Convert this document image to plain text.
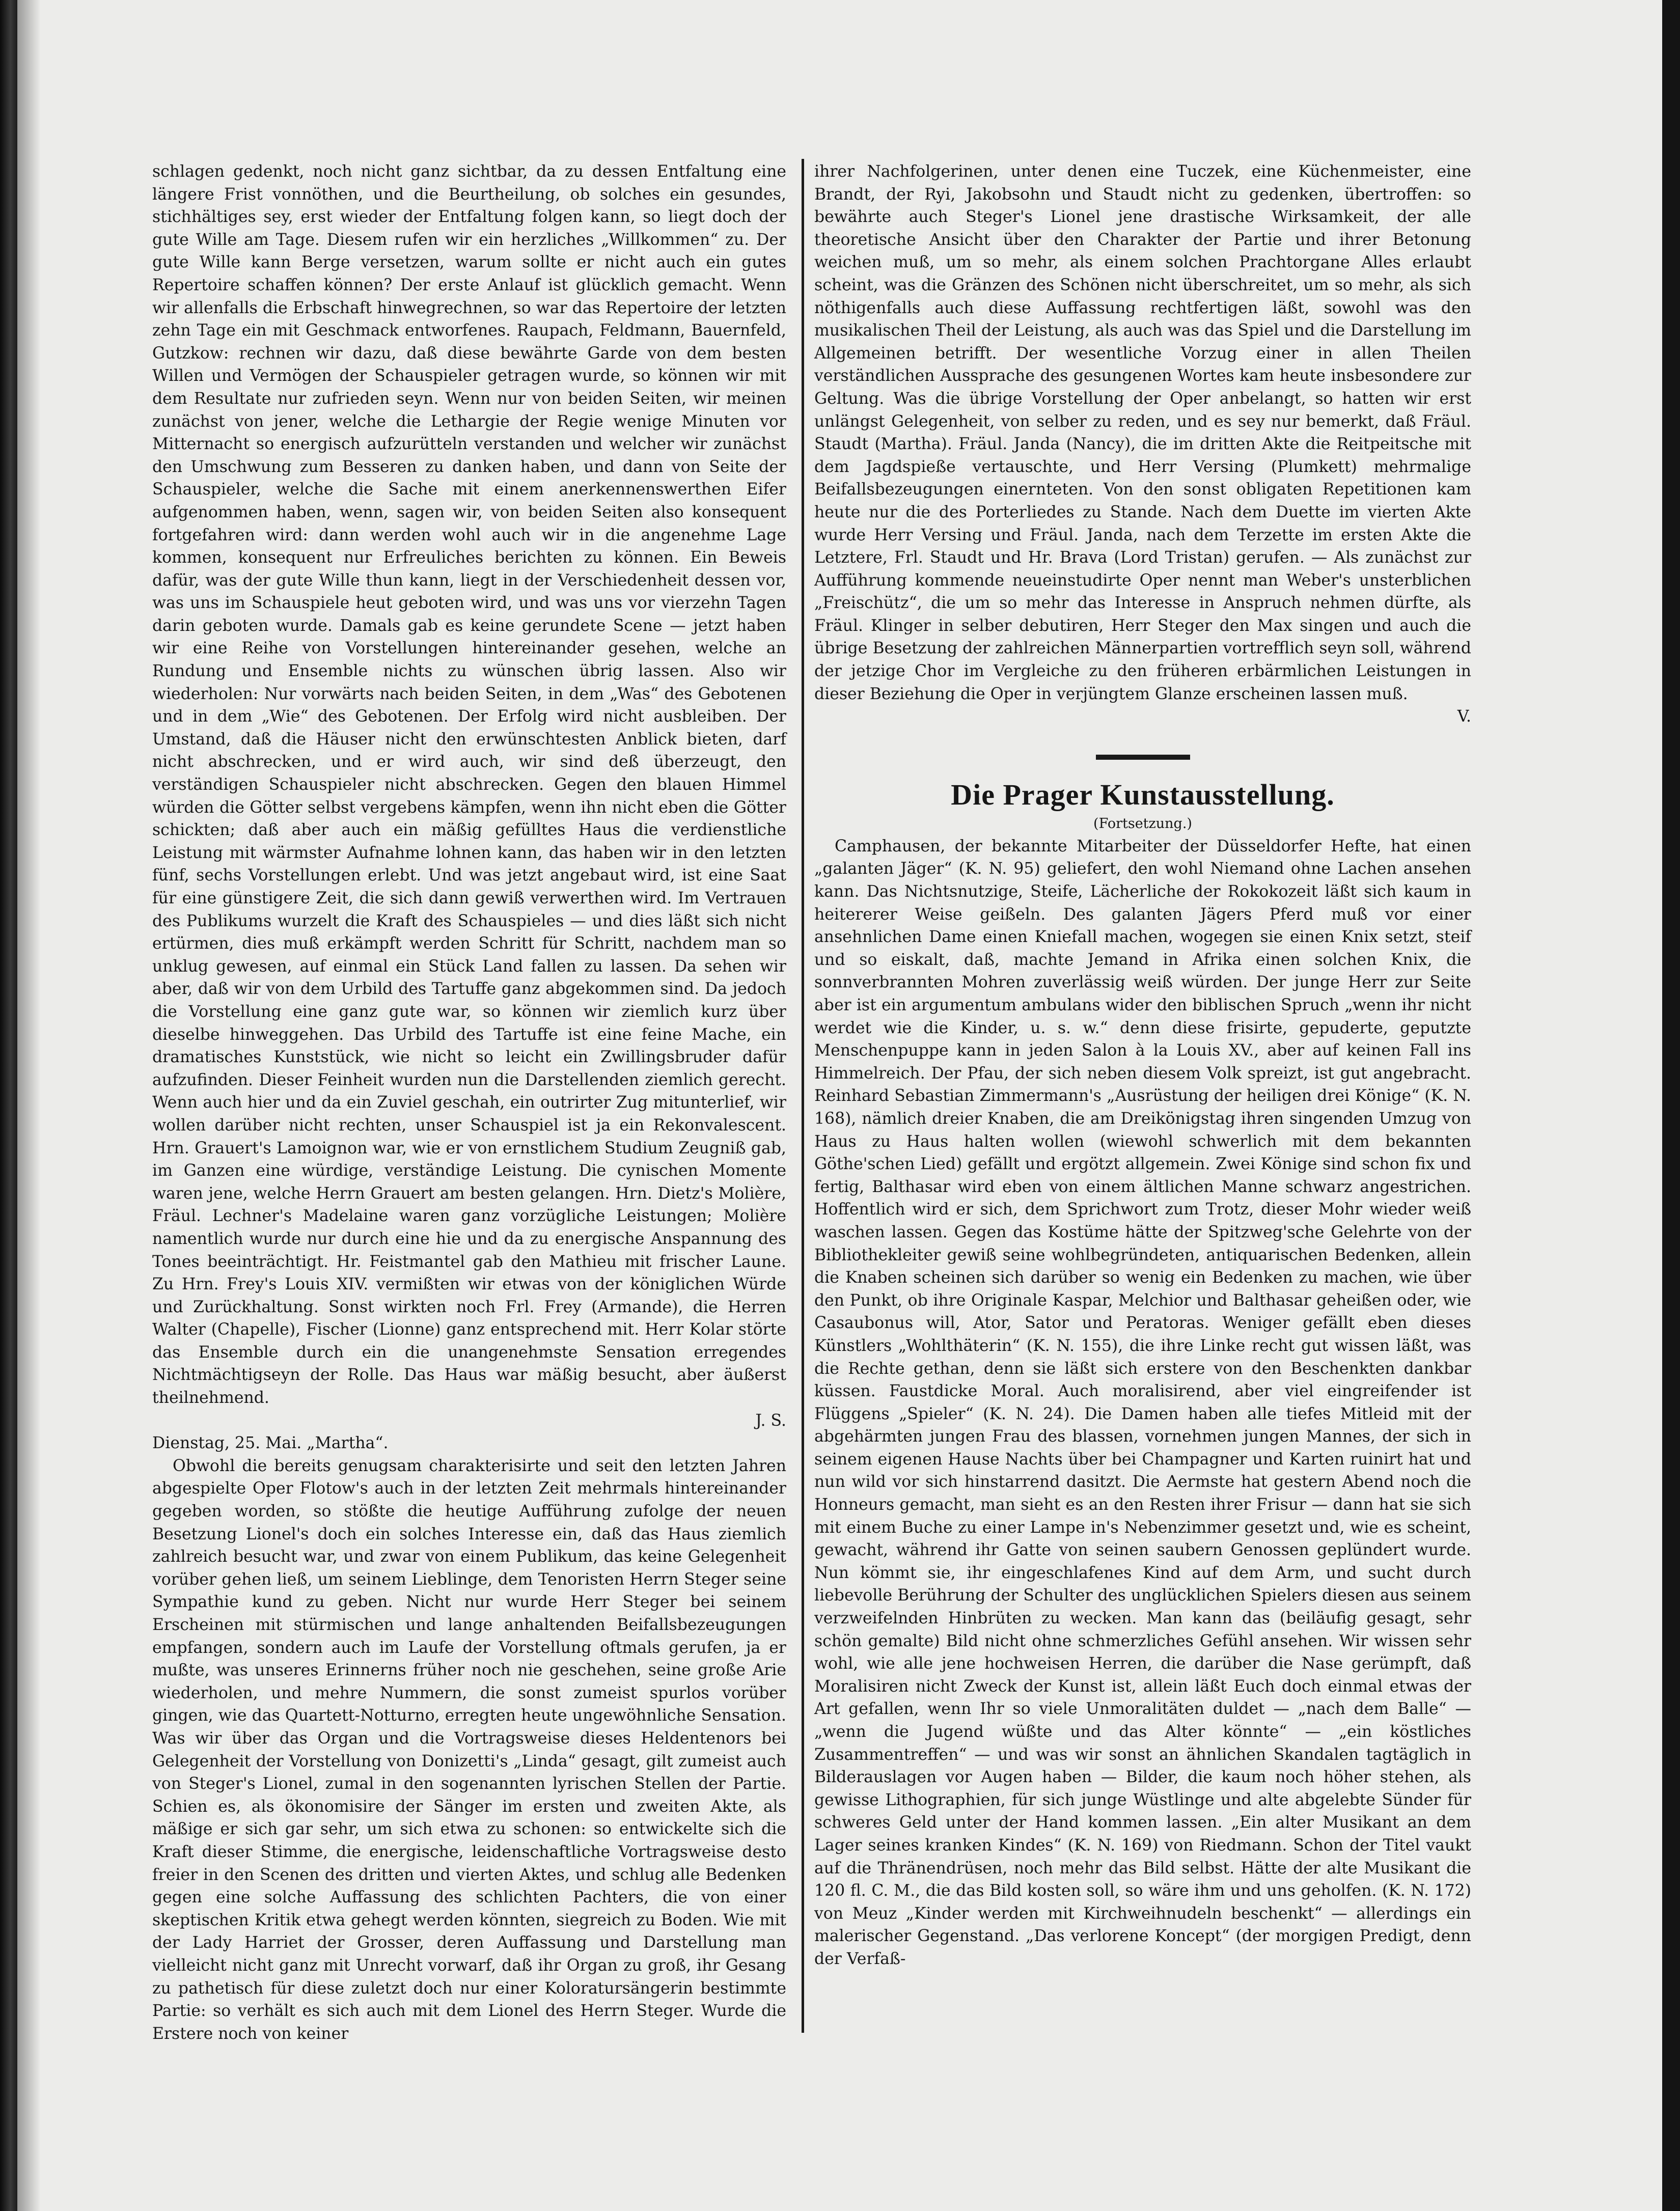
schlagen gedenkt, noch nicht ganz sichtbar, da zu dessen Entfaltung eine längere Frist vonnöthen, und die Beurtheilung, ob solches ein gesundes, stichhältiges sey, erst wieder der Entfaltung folgen kann, so liegt doch der gute Wille am Tage. Diesem rufen wir ein herzliches „Willkommen“ zu. Der gute Wille kann Berge versetzen, warum sollte er nicht auch ein gutes Repertoire schaffen können? Der erste Anlauf ist glücklich gemacht. Wenn wir allenfalls die Erbschaft hinwegrechnen, so war das Repertoire der letzten zehn Tage ein mit Geschmack entworfenes. Raupach, Feldmann, Bauernfeld, Gutzkow: rechnen wir dazu, daß diese bewährte Garde von dem besten Willen und Vermögen der Schauspieler getragen wurde, so können wir mit dem Resultate nur zufrieden seyn. Wenn nur von beiden Seiten, wir meinen zunächst von jener, welche die Lethargie der Regie wenige Minuten vor Mitternacht so energisch aufzurütteln verstanden und welcher wir zunächst den Umschwung zum Besseren zu danken haben, und dann von Seite der Schauspieler, welche die Sache mit einem anerkennenswerthen Eifer aufgenommen haben, wenn, sagen wir, von beiden Seiten also konsequent fortgefahren wird: dann werden wohl auch wir in die angenehme Lage kommen, konsequent nur Erfreuliches berichten zu können. Ein Beweis dafür, was der gute Wille thun kann, liegt in der Verschiedenheit dessen vor, was uns im Schauspiele heut geboten wird, und was uns vor vierzehn Tagen darin geboten wurde. Damals gab es keine gerundete Scene — jetzt haben wir eine Reihe von Vorstellungen hintereinander gesehen, welche an Rundung und Ensemble nichts zu wünschen übrig lassen. Also wir wiederholen: Nur vorwärts nach beiden Seiten, in dem „Was“ des Gebotenen und in dem „Wie“ des Gebotenen. Der Erfolg wird nicht ausbleiben. Der Umstand, daß die Häuser nicht den erwünschtesten Anblick bieten, darf nicht abschrecken, und er wird auch, wir sind deß überzeugt, den verständigen Schauspieler nicht abschrecken. Gegen den blauen Himmel würden die Götter selbst vergebens kämpfen, wenn ihn nicht eben die Götter schickten; daß aber auch ein mäßig gefülltes Haus die verdienstliche Leistung mit wärmster Aufnahme lohnen kann, das haben wir in den letzten fünf, sechs Vorstellungen erlebt. Und was jetzt angebaut wird, ist eine Saat für eine günstigere Zeit, die sich dann gewiß verwerthen wird. Im Vertrauen des Publikums wurzelt die Kraft des Schauspieles — und dies läßt sich nicht ertürmen, dies muß erkämpft werden Schritt für Schritt, nachdem man so unklug gewesen, auf einmal ein Stück Land fallen zu lassen. Da sehen wir aber, daß wir von dem Urbild des Tartuffe ganz abgekommen sind. Da jedoch die Vorstellung eine ganz gute war, so können wir ziemlich kurz über dieselbe hinweggehen. Das Urbild des Tartuffe ist eine feine Mache, ein dramatisches Kunststück, wie nicht so leicht ein Zwillingsbruder dafür aufzufinden. Dieser Feinheit wurden nun die Darstellenden ziemlich gerecht. Wenn auch hier und da ein Zuviel geschah, ein outrirter Zug mitunterlief, wir wollen darüber nicht rechten, unser Schauspiel ist ja ein Rekonvalescent. Hrn. Grauert's Lamoignon war, wie er von ernstlichem Studium Zeugniß gab, im Ganzen eine würdige, verständige Leistung. Die cynischen Momente waren jene, welche Herrn Grauert am besten gelangen. Hrn. Dietz's Molière, Fräul. Lechner's Madelaine waren ganz vorzügliche Leistungen; Molière namentlich wurde nur durch eine hie und da zu energische Anspannung des Tones beeinträchtigt. Hr. Feistmantel gab den Mathieu mit frischer Laune. Zu Hrn. Frey's Louis XIV. vermißten wir etwas von der königlichen Würde und Zurückhaltung. Sonst wirkten noch Frl. Frey (Armande), die Herren Walter (Chapelle), Fischer (Lionne) ganz entsprechend mit. Herr Kolar störte das Ensemble durch ein die unangenehmste Sensation erregendes Nichtmächtigseyn der Rolle. Das Haus war mäßig besucht, aber äußerst theilnehmend.

J. S.

Dienstag, 25. Mai. „Martha“.

Obwohl die bereits genugsam charakterisirte und seit den letzten Jahren abgespielte Oper Flotow's auch in der letzten Zeit mehrmals hintereinander gegeben worden, so stößte die heutige Aufführung zufolge der neuen Besetzung Lionel's doch ein solches Interesse ein, daß das Haus ziemlich zahlreich besucht war, und zwar von einem Publikum, das keine Gelegenheit vorüber gehen ließ, um seinem Lieblinge, dem Tenoristen Herrn Steger seine Sympathie kund zu geben. Nicht nur wurde Herr Steger bei seinem Erscheinen mit stürmischen und lange anhaltenden Beifallsbezeugungen empfangen, sondern auch im Laufe der Vorstellung oftmals gerufen, ja er mußte, was unseres Erinnerns früher noch nie geschehen, seine große Arie wiederholen, und mehre Nummern, die sonst zumeist spurlos vorüber gingen, wie das Quartett-Notturno, erregten heute ungewöhnliche Sensation. Was wir über das Organ und die Vortragsweise dieses Heldentenors bei Gelegenheit der Vorstellung von Donizetti's „Linda“ gesagt, gilt zumeist auch von Steger's Lionel, zumal in den sogenannten lyrischen Stellen der Partie. Schien es, als ökonomisire der Sänger im ersten und zweiten Akte, als mäßige er sich gar sehr, um sich etwa zu schonen: so entwickelte sich die Kraft dieser Stimme, die energische, leidenschaftliche Vortragsweise desto freier in den Scenen des dritten und vierten Aktes, und schlug alle Bedenken gegen eine solche Auffassung des schlichten Pachters, die von einer skeptischen Kritik etwa gehegt werden könnten, siegreich zu Boden. Wie mit der Lady Harriet der Grosser, deren Auffassung und Darstellung man vielleicht nicht ganz mit Unrecht vorwarf, daß ihr Organ zu groß, ihr Gesang zu pathetisch für diese zuletzt doch nur einer Koloratursängerin bestimmte Partie: so verhält es sich auch mit dem Lionel des Herrn Steger. Wurde die Erstere noch von keiner

ihrer Nachfolgerinen, unter denen eine Tuczek, eine Küchenmeister, eine Brandt, der Ryi, Jakobsohn und Staudt nicht zu gedenken, übertroffen: so bewährte auch Steger's Lionel jene drastische Wirksamkeit, der alle theoretische Ansicht über den Charakter der Partie und ihrer Betonung weichen muß, um so mehr, als einem solchen Prachtorgane Alles erlaubt scheint, was die Gränzen des Schönen nicht überschreitet, um so mehr, als sich nöthigenfalls auch diese Auffassung rechtfertigen läßt, sowohl was den musikalischen Theil der Leistung, als auch was das Spiel und die Darstellung im Allgemeinen betrifft. Der wesentliche Vorzug einer in allen Theilen verständlichen Aussprache des gesungenen Wortes kam heute insbesondere zur Geltung. Was die übrige Vorstellung der Oper anbelangt, so hatten wir erst unlängst Gelegenheit, von selber zu reden, und es sey nur bemerkt, daß Fräul. Staudt (Martha). Fräul. Janda (Nancy), die im dritten Akte die Reitpeitsche mit dem Jagdspieße vertauschte, und Herr Versing (Plumkett) mehrmalige Beifallsbezeugungen einernteten. Von den sonst obligaten Repetitionen kam heute nur die des Porterliedes zu Stande. Nach dem Duette im vierten Akte wurde Herr Versing und Fräul. Janda, nach dem Terzette im ersten Akte die Letztere, Frl. Staudt und Hr. Brava (Lord Tristan) gerufen. — Als zunächst zur Aufführung kommende neueinstudirte Oper nennt man Weber's unsterblichen „Freischütz“, die um so mehr das Interesse in Anspruch nehmen dürfte, als Fräul. Klinger in selber debutiren, Herr Steger den Max singen und auch die übrige Besetzung der zahlreichen Männerpartien vortrefflich seyn soll, während der jetzige Chor im Vergleiche zu den früheren erbärmlichen Leistungen in dieser Beziehung die Oper in verjüngtem Glanze erscheinen lassen muß.

V.

Die Prager Kunstausstellung.

(Fortsetzung.)

Camphausen, der bekannte Mitarbeiter der Düsseldorfer Hefte, hat einen „galanten Jäger“ (K. N. 95) geliefert, den wohl Niemand ohne Lachen ansehen kann. Das Nichtsnutzige, Steife, Lächerliche der Rokokozeit läßt sich kaum in heitererer Weise geißeln. Des galanten Jägers Pferd muß vor einer ansehnlichen Dame einen Kniefall machen, wogegen sie einen Knix setzt, steif und so eiskalt, daß, machte Jemand in Afrika einen solchen Knix, die sonnverbrannten Mohren zuverlässig weiß würden. Der junge Herr zur Seite aber ist ein argumentum ambulans wider den biblischen Spruch „wenn ihr nicht werdet wie die Kinder, u. s. w.“ denn diese frisirte, gepuderte, geputzte Menschenpuppe kann in jeden Salon à la Louis XV., aber auf keinen Fall ins Himmelreich. Der Pfau, der sich neben diesem Volk spreizt, ist gut angebracht. Reinhard Sebastian Zimmermann's „Ausrüstung der heiligen drei Könige“ (K. N. 168), nämlich dreier Knaben, die am Dreikönigstag ihren singenden Umzug von Haus zu Haus halten wollen (wiewohl schwerlich mit dem bekannten Göthe'schen Lied) gefällt und ergötzt allgemein. Zwei Könige sind schon fix und fertig, Balthasar wird eben von einem ältlichen Manne schwarz angestrichen. Hoffentlich wird er sich, dem Sprichwort zum Trotz, dieser Mohr wieder weiß waschen lassen. Gegen das Kostüme hätte der Spitzweg'sche Gelehrte von der Bibliothekleiter gewiß seine wohlbegründeten, antiquarischen Bedenken, allein die Knaben scheinen sich darüber so wenig ein Bedenken zu machen, wie über den Punkt, ob ihre Originale Kaspar, Melchior und Balthasar geheißen oder, wie Casaubonus will, Ator, Sator und Peratoras. Weniger gefällt eben dieses Künstlers „Wohlthäterin“ (K. N. 155), die ihre Linke recht gut wissen läßt, was die Rechte gethan, denn sie läßt sich erstere von den Beschenkten dankbar küssen. Faustdicke Moral. Auch moralisirend, aber viel eingreifender ist Flüggens „Spieler“ (K. N. 24). Die Damen haben alle tiefes Mitleid mit der abgehärmten jungen Frau des blassen, vornehmen jungen Mannes, der sich in seinem eigenen Hause Nachts über bei Champagner und Karten ruinirt hat und nun wild vor sich hinstarrend dasitzt. Die Aermste hat gestern Abend noch die Honneurs gemacht, man sieht es an den Resten ihrer Frisur — dann hat sie sich mit einem Buche zu einer Lampe in's Nebenzimmer gesetzt und, wie es scheint, gewacht, während ihr Gatte von seinen saubern Genossen geplündert wurde. Nun kömmt sie, ihr eingeschlafenes Kind auf dem Arm, und sucht durch liebevolle Berührung der Schulter des unglücklichen Spielers diesen aus seinem verzweifelnden Hinbrüten zu wecken. Man kann das (beiläufig gesagt, sehr schön gemalte) Bild nicht ohne schmerzliches Gefühl ansehen. Wir wissen sehr wohl, wie alle jene hochweisen Herren, die darüber die Nase gerümpft, daß Moralisiren nicht Zweck der Kunst ist, allein läßt Euch doch einmal etwas der Art gefallen, wenn Ihr so viele Unmoralitäten duldet — „nach dem Balle“ — „wenn die Jugend wüßte und das Alter könnte“ — „ein köstliches Zusammentreffen“ — und was wir sonst an ähnlichen Skandalen tagtäglich in Bilderauslagen vor Augen haben — Bilder, die kaum noch höher stehen, als gewisse Lithographien, für sich junge Wüstlinge und alte abgelebte Sünder für schweres Geld unter der Hand kommen lassen. „Ein alter Musikant an dem Lager seines kranken Kindes“ (K. N. 169) von Riedmann. Schon der Titel vaukt auf die Thränendrüsen, noch mehr das Bild selbst. Hätte der alte Musikant die 120 fl. C. M., die das Bild kosten soll, so wäre ihm und uns geholfen. (K. N. 172) von Meuz „Kinder werden mit Kirchweihnudeln beschenkt“ — allerdings ein malerischer Gegenstand. „Das verlorene Koncept“ (der morgigen Predigt, denn der Verfaß-
